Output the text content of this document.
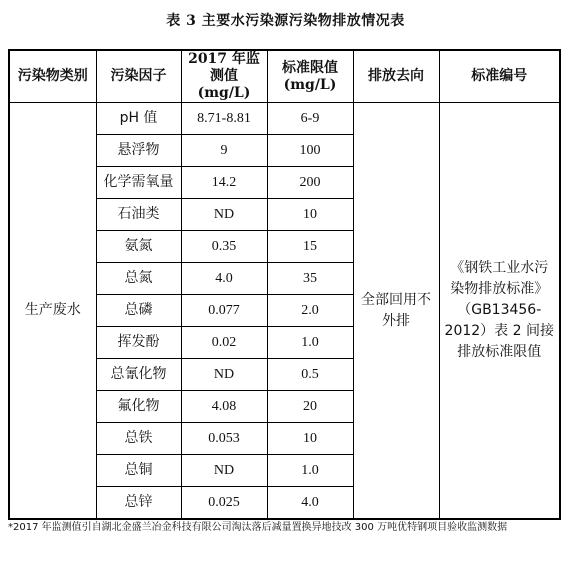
表 3 主要水污染源污染物排放情况表
污染物类别	污染因子	2017 年监测值 (mg/L)	标准限值 (mg/L)	排放去向	标准编号
生产废水	pH 值	8.71-8.81	6-9	全部回用不外排	《钢铁工业水污染物排放标准》（GB13456-2012）表 2 间接排放标准限值
	悬浮物	9	100		
	化学需氧量	14.2	200		
	石油类	ND	10		
	氨氮	0.35	15		
	总氮	4.0	35		
	总磷	0.077	2.0		
	挥发酚	0.02	1.0		
	总氰化物	ND	0.5		
	氟化物	4.08	20		
	总铁	0.053	10		
	总铜	ND	1.0		
	总锌	0.025	4.0		
*2017 年监测值引自湖北金盛兰冶金科技有限公司淘汰落后减量置换异地技改 300 万吨优特钢项目验收监测数据
